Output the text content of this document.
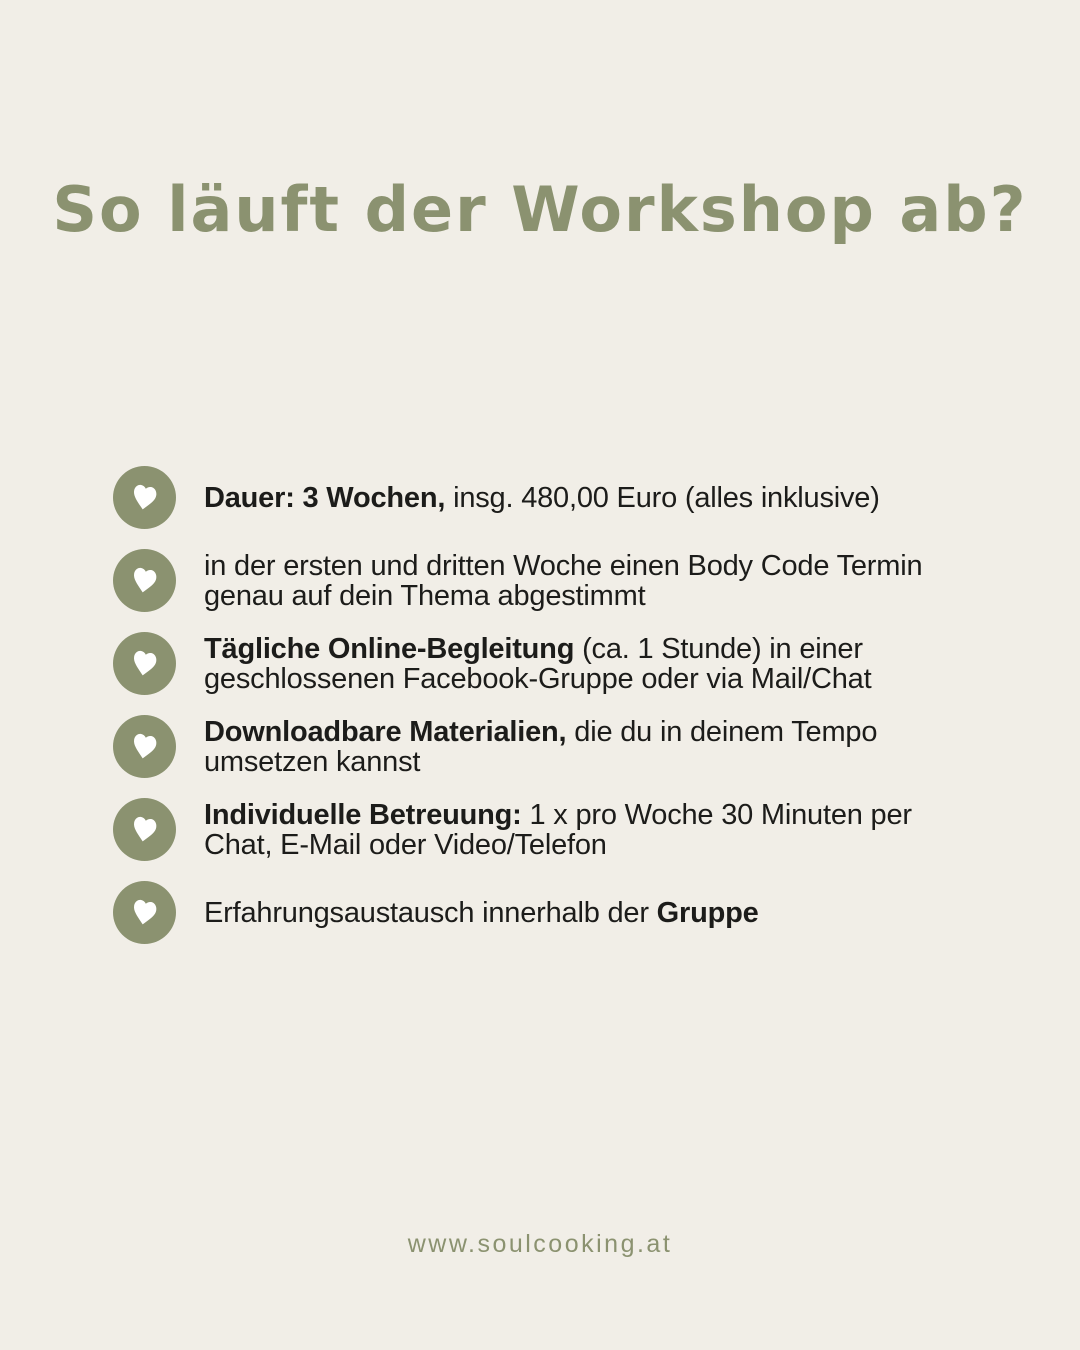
So läuft der Workshop ab?

Dauer: 3 Wochen, insg. 480,00 Euro (alles inklusive)

in der ersten und dritten Woche einen Body Code Termin
genau auf dein Thema abgestimmt

Tägliche Online-Begleitung (ca. 1 Stunde) in einer
geschlossenen Facebook-Gruppe oder via Mail/Chat

Downloadbare Materialien, die du in deinem Tempo
umsetzen kannst

Individuelle Betreuung: 1 x pro Woche 30 Minuten per
Chat, E-Mail oder Video/Telefon

Erfahrungsaustausch innerhalb der Gruppe

www.soulcooking.at
